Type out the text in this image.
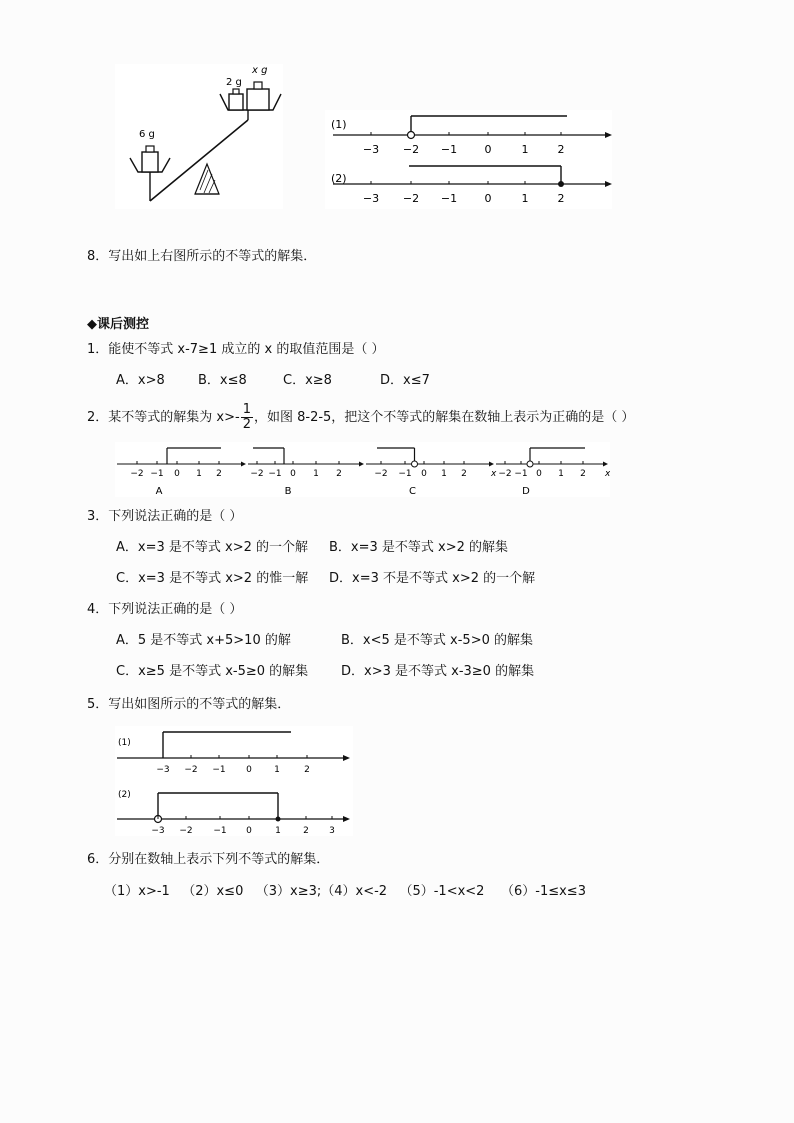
6 g
2 g
x g
(1)
−3 −2 −1 0	1	2
(2)
−3 −2 −1 0	1	2
8．写出如上右图所示的不等式的解集．
◆课后测控
1．能使不等式 x-7≥1 成立的 x 的取值范围是（ ）
A．x>8	B．x≤8	C．x≥8	D．x≤7
2．某不等式的解集为 $x>- \frac{1}{2}$ ，如图 8-2-5，把这个不等式的解集在数轴上表示为正确的是（ ）
−2 −1 0 1 2
A
−2 −1 0 1 2
B
−2 −1 0 1 2	x
C
−2 −1 0 1 2 x
D
3．下列说法正确的是（ ）
A．x=3 是不等式 x>2 的一个解 B．x=3 是不等式 x>2 的解集
C．x=3 是不等式 x>2 的惟一解 D．x=3 不是不等式 x>2 的一个解
4．下列说法正确的是（ ）
A．5 是不等式 x+5>10 的解	B．x<5 是不等式 x-5>0 的解集
C．x≥5 是不等式 x-5≥0 的解集	D．x>3 是不等式 x-3≥0 的解集
5．写出如图所示的不等式的解集．
(1)
−3 −2 −1 0 1	2
(2)
−3 −2 −1 0	1 2 3
6．分别在数轴上表示下列不等式的解集．
（1）x>-1   （2）x≤0   （3）x≥3;（4）x<-2   （5）-1<x<2    （6）-1≤x≤3
